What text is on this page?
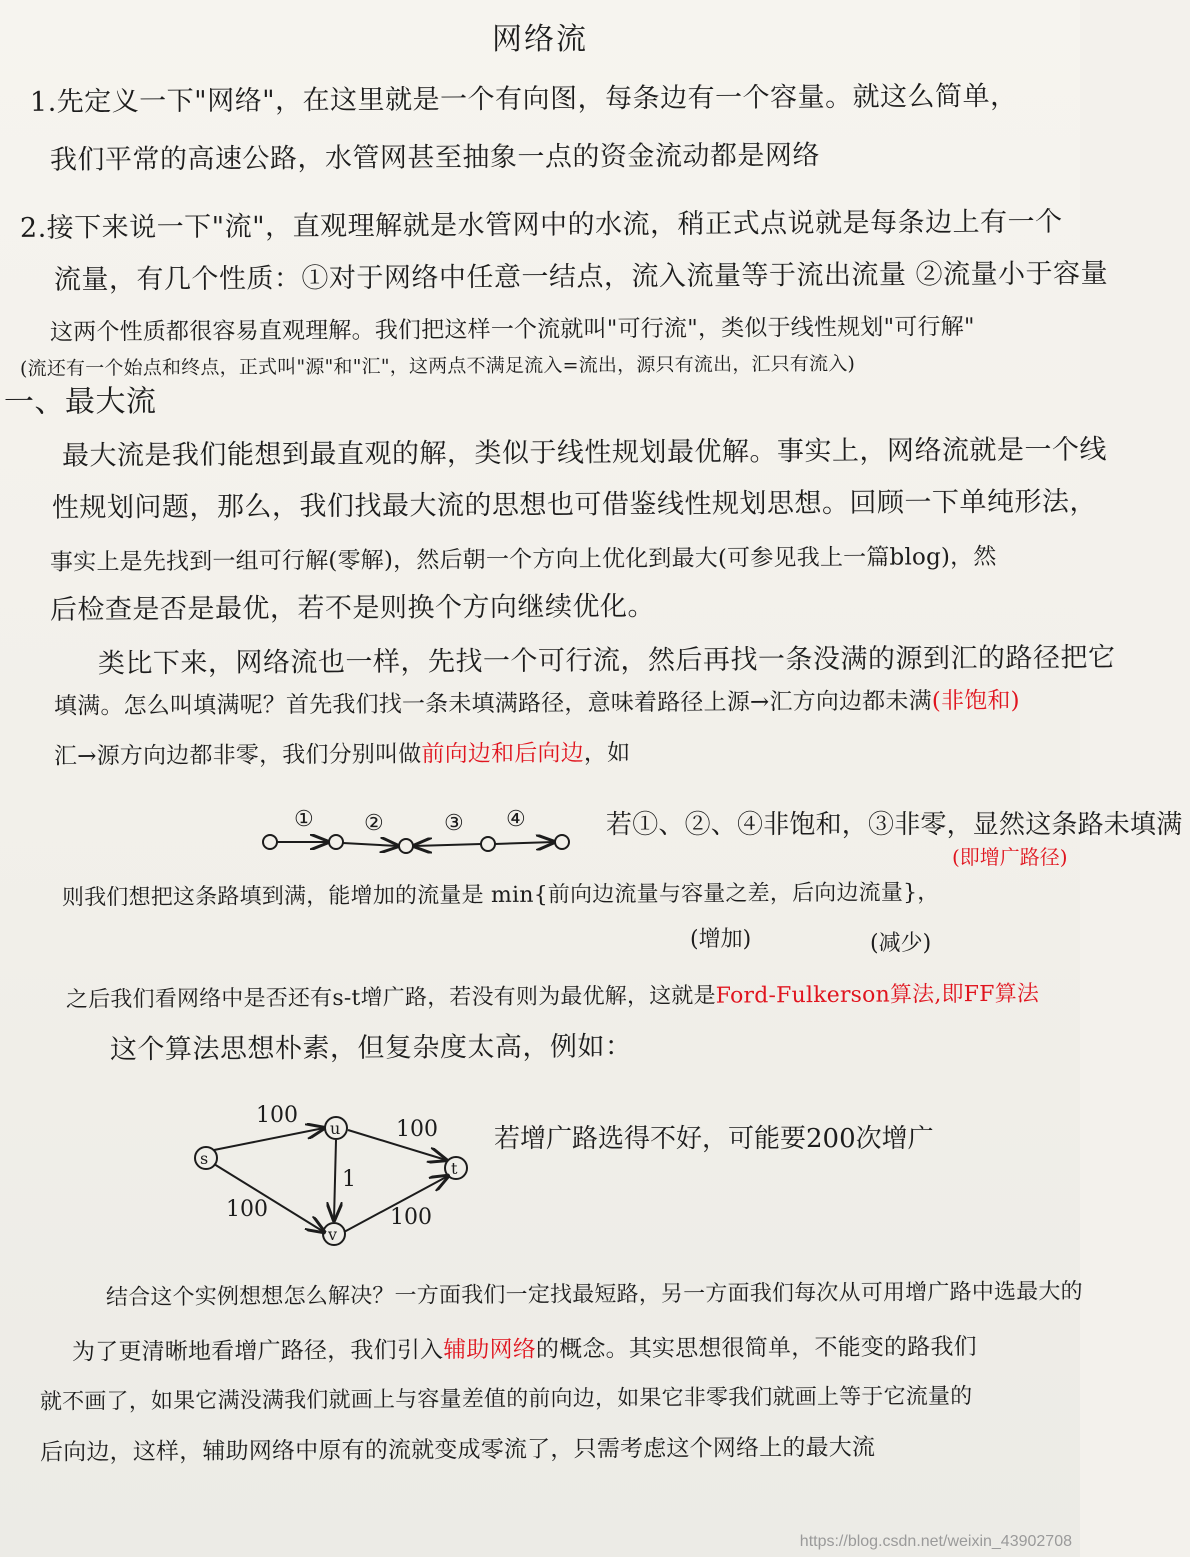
网络流
1.先定义一下"网络"，在这里就是一个有向图，每条边有一个容量。就这么简单，
我们平常的高速公路，水管网甚至抽象一点的资金流动都是网络
2.接下来说一下"流"，直观理解就是水管网中的水流，稍正式点说就是每条边上有一个
流量，有几个性质：①对于网络中任意一结点，流入流量等于流出流量 ②流量小于容量
这两个性质都很容易直观理解。我们把这样一个流就叫"可行流"，类似于线性规划"可行解"
(流还有一个始点和终点，正式叫"源"和"汇"，这两点不满足流入=流出，源只有流出，汇只有流入)
一、最大流
最大流是我们能想到最直观的解，类似于线性规划最优解。事实上，网络流就是一个线
性规划问题，那么，我们找最大流的思想也可借鉴线性规划思想。回顾一下单纯形法，
事实上是先找到一组可行解(零解)，然后朝一个方向上优化到最大(可参见我上一篇blog)，然
后检查是否是最优，若不是则换个方向继续优化。
类比下来，网络流也一样，先找一个可行流，然后再找一条没满的源到汇的路径把它
填满。怎么叫填满呢？首先我们找一条未填满路径，意味着路径上源→汇方向边都未满(非饱和)
汇→源方向边都非零，我们分别叫做前向边和后向边，如
① ②	③ ④	若①、②、④非饱和，③非零，显然这条路未填满
(即增广路径)
则我们想把这条路填到满，能增加的流量是 min{前向边流量与容量之差，后向边流量}，
(增加)	(减少)
之后我们看网络中是否还有s-t增广路，若没有则为最优解，这就是Ford-Fulkerson算法,即FF算法
这个算法思想朴素，但复杂度太高，例如：
s
u
v
t
100
100
1
100	100
若增广路选得不好，可能要200次增广
结合这个实例想想怎么解决？一方面我们一定找最短路，另一方面我们每次从可用增广路中选最大的
为了更清晰地看增广路径，我们引入辅助网络的概念。其实思想很简单，不能变的路我们
就不画了，如果它满没满我们就画上与容量差值的前向边，如果它非零我们就画上等于它流量的
后向边，这样，辅助网络中原有的流就变成零流了，只需考虑这个网络上的最大流
https://blog.csdn.net/weixin_43902708
